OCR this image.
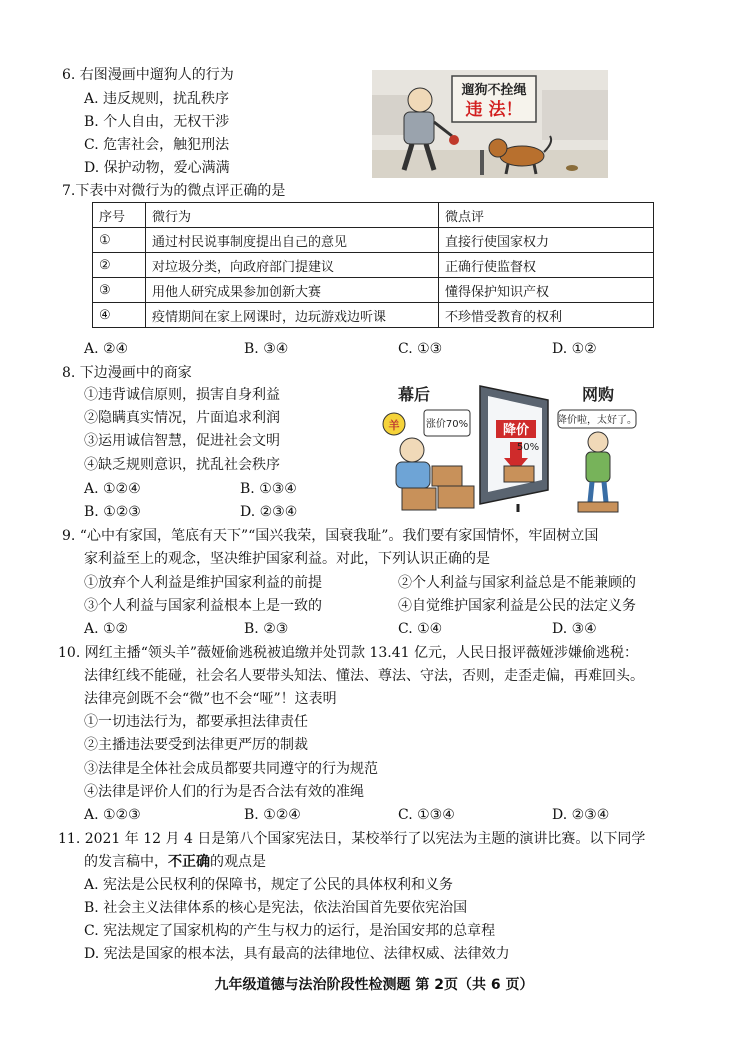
6. 右图漫画中遛狗人的行为
A. 违反规则，扰乱秩序
B. 个人自由，无权干涉
C. 危害社会，触犯刑法
D. 保护动物，爱心满满
遛狗不拴绳
违 法！
7.下表中对微行为的微点评正确的是
序号	微行为	微点评
①	通过村民说事制度提出自己的意见	直接行使国家权力
②	对垃圾分类，向政府部门提建议	正确行使监督权
③	用他人研究成果参加创新大赛	懂得保护知识产权
④	疫情期间在家上网课时，边玩游戏边听课	不珍惜受教育的权利
A. ②④	B. ③④	C. ①③	D. ①②
8. 下边漫画中的商家
①违背诚信原则，损害自身利益
②隐瞒真实情况，片面追求利润
③运用诚信智慧，促进社会文明
④缺乏规则意识，扰乱社会秩序
A. ①②④	B. ①③④
B. ①②③	D. ②③④
幕后	网购
降价
50%
羊	涨价70%	降价啦，太好了。
9. “心中有家国，笔底有天下”“国兴我荣，国衰我耻”。我们要有家国情怀，牢固树立国
家利益至上的观念，坚决维护国家利益。对此，下列认识正确的是
①放弃个人利益是维护国家利益的前提	②个人利益与国家利益总是不能兼顾的
③个人利益与国家利益根本上是一致的	④自觉维护国家利益是公民的法定义务
A. ①②	B. ②③	C. ①④	D. ③④
10. 网红主播“领头羊”薇娅偷逃税被追缴并处罚款 13.41 亿元，人民日报评薇娅涉嫌偷逃税：
法律红线不能碰，社会名人要带头知法、懂法、尊法、守法，否则，走歪走偏，再难回头。
法律亮剑既不会“微”也不会“哑”！这表明
①一切违法行为，都要承担法律责任
②主播违法要受到法律更严厉的制裁
③法律是全体社会成员都要共同遵守的行为规范
④法律是评价人们的行为是否合法有效的准绳
A. ①②③	B. ①②④	C. ①③④	D. ②③④
11. 2021 年 12 月 4 日是第八个国家宪法日，某校举行了以宪法为主题的演讲比赛。以下同学
的发言稿中，不正确的观点是
A. 宪法是公民权利的保障书，规定了公民的具体权利和义务
B. 社会主义法律体系的核心是宪法，依法治国首先要依宪治国
C. 宪法规定了国家机构的产生与权力的运行，是治国安邦的总章程
D. 宪法是国家的根本法，具有最高的法律地位、法律权威、法律效力
九年级道德与法治阶段性检测题 第 2页（共 6 页）
